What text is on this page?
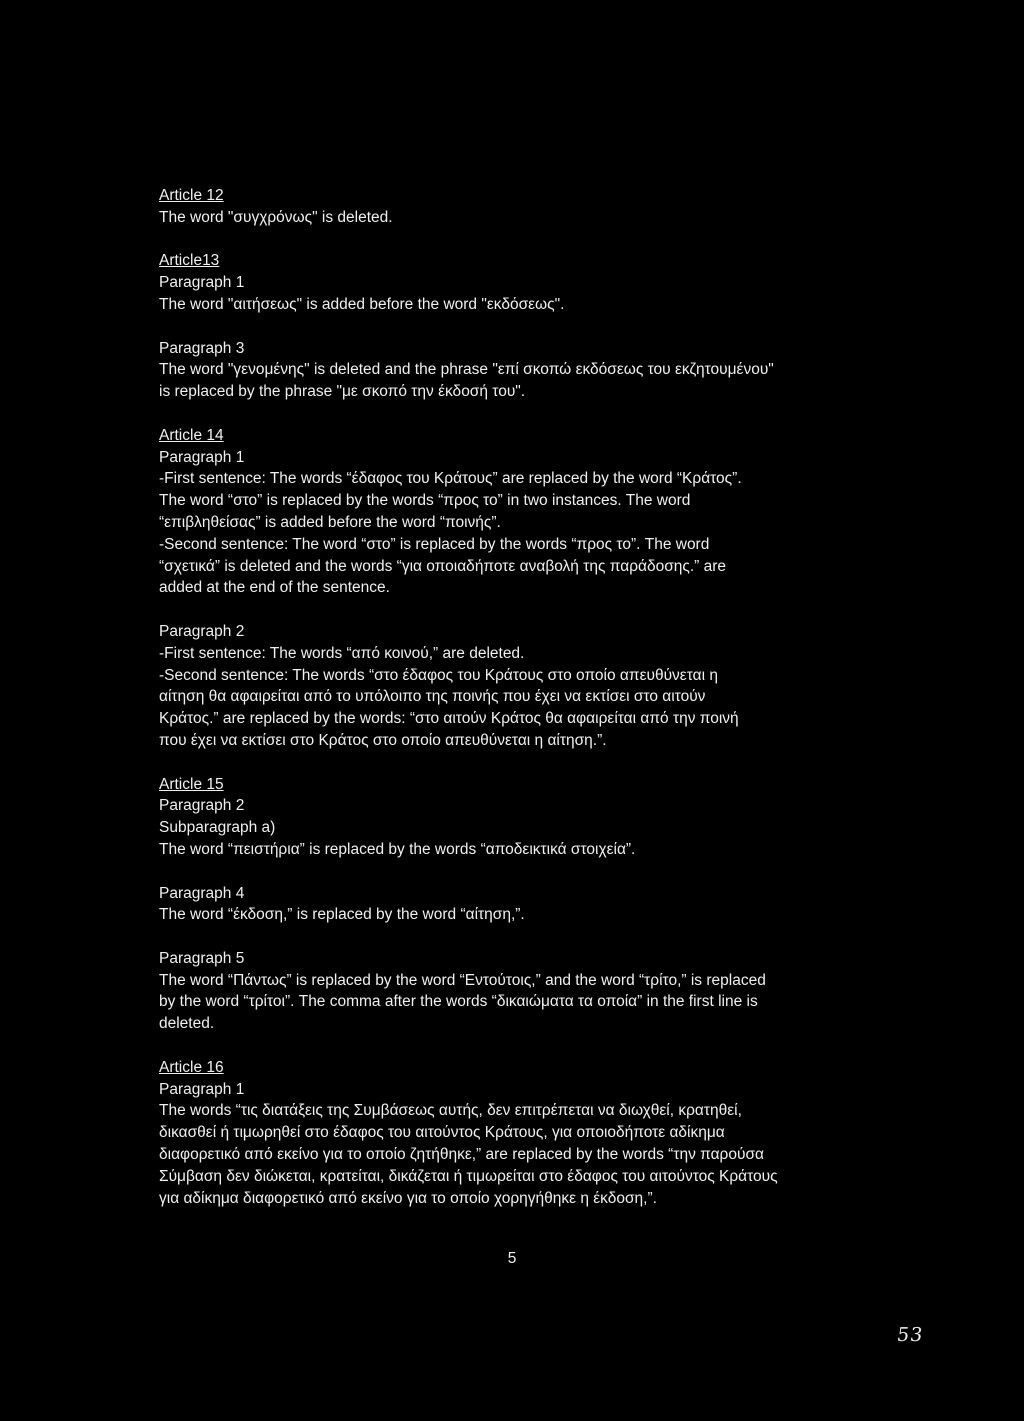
Article 12
The word "συγχρόνως" is deleted.
Article13
Paragraph 1
The word "αιτήσεως" is added before the word "εκδόσεως".
Paragraph 3
The word "γενομένης" is deleted and the phrase "επί σκοπώ εκδόσεως του εκζητουμένου"
is replaced by the phrase "με σκοπό την έκδοσή του".
Article 14
Paragraph 1
-First sentence: The words “έδαφος του Κράτους” are replaced by the word “Κράτος”.
The word “στο” is replaced by the words “προς το” in two instances. The word
“επιβληθείσας” is added before the word “ποινής”.
-Second sentence: The word “στο” is replaced by the words “προς το”. The word
“σχετικά” is deleted and the words “για οποιαδήποτε αναβολή της παράδοσης.” are
added at the end of the sentence.
Paragraph 2
-First sentence: The words “από κοινού,” are deleted.
-Second sentence: The words “στο έδαφος του Κράτους στο οποίο απευθύνεται η
αίτηση θα αφαιρείται από το υπόλοιπο της ποινής που έχει να εκτίσει στο αιτούν
Κράτος.” are replaced by the words: “στο αιτούν Κράτος θα αφαιρείται από την ποινή
που έχει να εκτίσει στο Κράτος στο οποίο απευθύνεται η αίτηση.”.
Article 15
Paragraph 2
Subparagraph a)
The word “πειστήρια” is replaced by the words “αποδεικτικά στοιχεία”.
Paragraph 4
The word “έκδοση,” is replaced by the word “αίτηση,”.
Paragraph 5
The word “Πάντως” is replaced by the word “Εντούτοις,” and the word “τρίτο,” is replaced
by the word “τρίτοι”. The comma after the words “δικαιώματα τα οποία” in the first line is
deleted.
Article 16
Paragraph 1
The words “τις διατάξεις της Συμβάσεως αυτής, δεν επιτρέπεται να διωχθεί, κρατηθεί,
δικασθεί ή τιμωρηθεί στο έδαφος του αιτούντος Κράτους, για οποιοδήποτε αδίκημα
διαφορετικό από εκείνο για το οποίο ζητήθηκε,” are replaced by the words “την παρούσα
Σύμβαση δεν διώκεται, κρατείται, δικάζεται ή τιμωρείται στο έδαφος του αιτούντος Κράτους
για αδίκημα διαφορετικό από εκείνο για το οποίο χορηγήθηκε η έκδοση,”.
5
53
